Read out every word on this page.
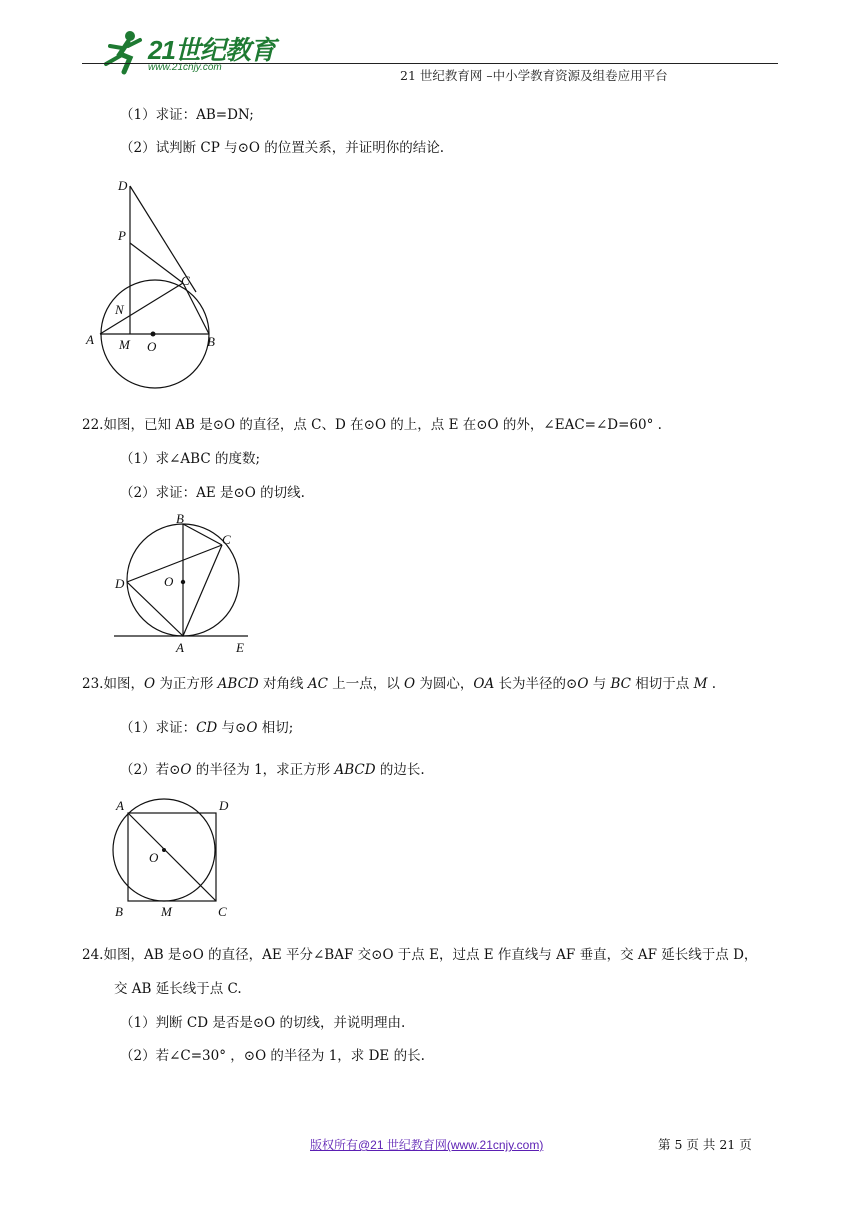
21世纪教育
www.21cnjy.com
21 世纪教育网 –中小学教育资源及组卷应用平台
（1）求证：AB=DN;
（2）试判断 CP 与⊙O 的位置关系，并证明你的结论.
D
P
C
N
A M O	B
22.如图，已知 AB 是⊙O 的直径，点 C、D 在⊙O 的上，点 E 在⊙O 的外，∠EAC=∠D=60° .
（1）求∠ABC 的度数;
（2）求证：AE 是⊙O 的切线.
B
C
D	O
A	E
23.如图，O 为正方形 ABCD 对角线 AC 上一点，以 O 为圆心，OA 长为半径的⊙O 与 BC 相切于点 M .
（1）求证：CD 与⊙O 相切;
（2）若⊙O 的半径为 1，求正方形 ABCD 的边长.
A	D
O
B	M	C
24.如图，AB 是⊙O 的直径，AE 平分∠BAF 交⊙O 于点 E，过点 E 作直线与 AF 垂直，交 AF 延长线于点 D，
交 AB 延长线于点 C.
（1）判断 CD 是否是⊙O 的切线，并说明理由.
（2）若∠C=30° ，⊙O 的半径为 1，求 DE 的长.
版权所有@21 世纪教育网(www.21cnjy.com)	第 5 页 共 21 页
